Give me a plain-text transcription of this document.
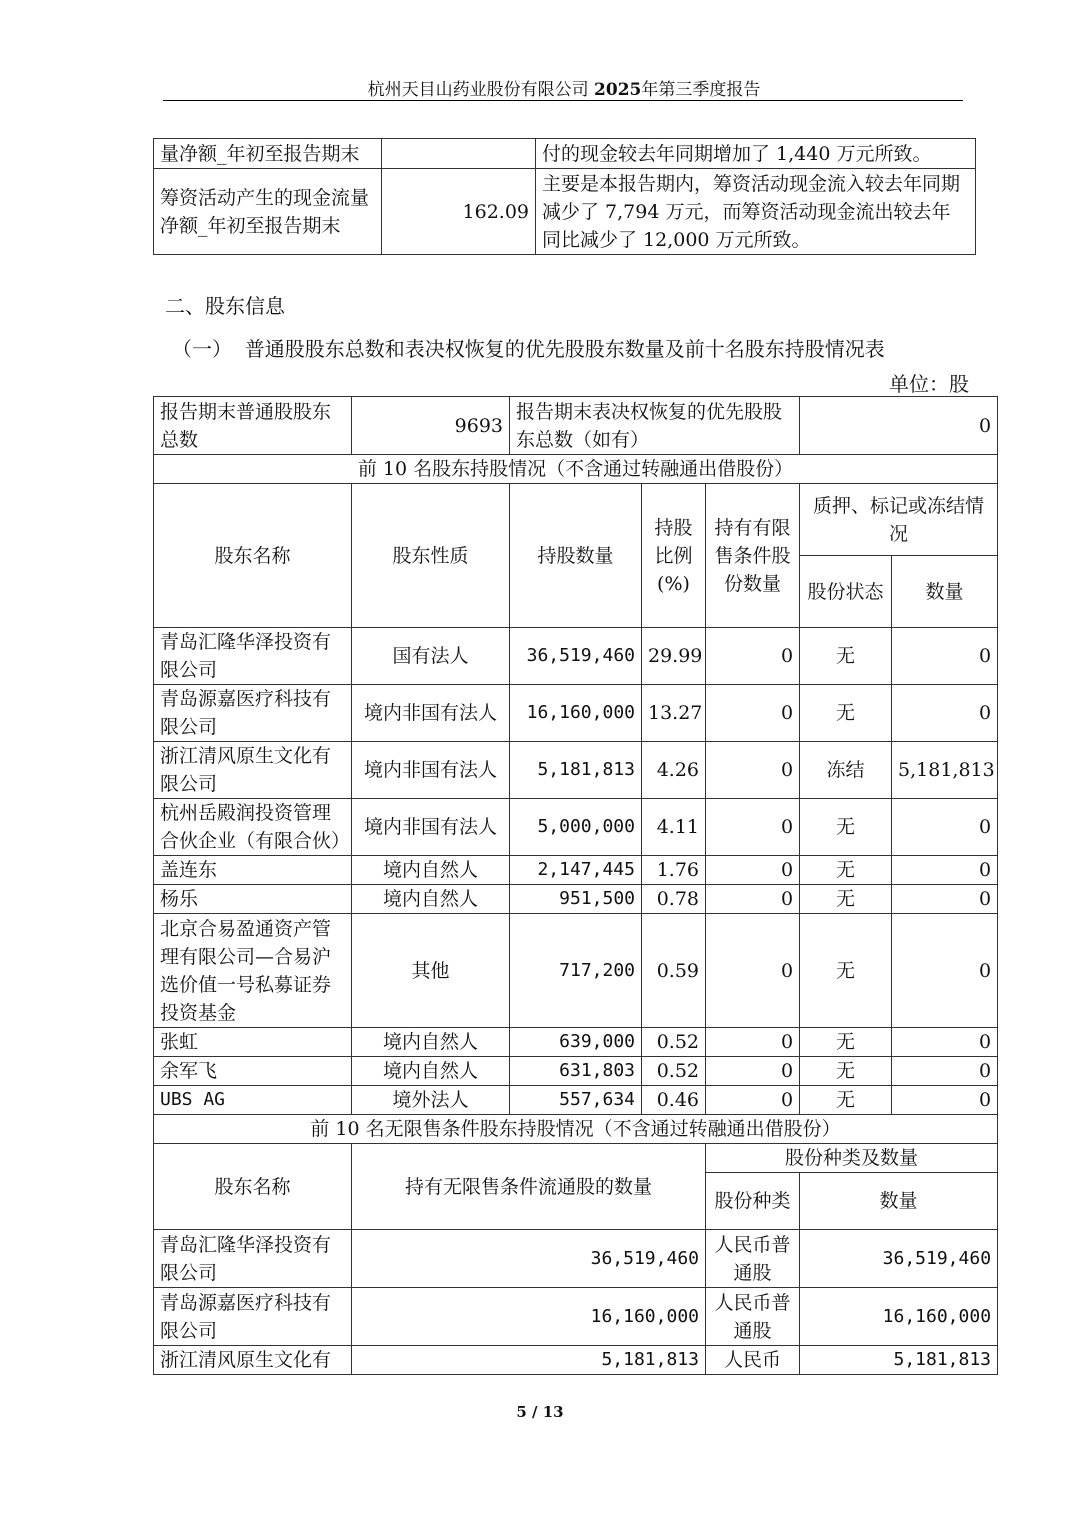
杭州天目山药业股份有限公司 2025年第三季度报告
量净额_年初至报告期末		付的现金较去年同期增加了 1,440 万元所致。
筹资活动产生的现金流量净额_年初至报告期末	162.09	主要是本报告期内，筹资活动现金流入较去年同期减少了 7,794 万元，而筹资活动现金流出较去年同比减少了 12,000 万元所致。
二、股东信息
（一） 普通股股东总数和表决权恢复的优先股股东数量及前十名股东持股情况表
单位：股
报告期末普通股股东总数	9693	报告期末表决权恢复的优先股股东总数（如有）			0	
前 10 名股东持股情况（不含通过转融通出借股份）						
股东名称	股东性质	持股数量	持股比例(%)	持有有限售条件股份数量	质押、标记或冻结情况	
					股份状态	数量
青岛汇隆华泽投资有限公司	国有法人	36,519,460	29.99	0	无	0
青岛源嘉医疗科技有限公司	境内非国有法人	16,160,000	13.27	0	无	0
浙江清风原生文化有限公司	境内非国有法人	5,181,813	4.26	0	冻结	5,181,813
杭州岳殿润投资管理合伙企业（有限合伙）	境内非国有法人	5,000,000	4.11	0	无	0
盖连东	境内自然人	2,147,445	1.76	0	无	0
杨乐	境内自然人	951,500	0.78	0	无	0
北京合易盈通资产管理有限公司—合易沪选价值一号私募证券投资基金	其他	717,200	0.59	0	无	0
张虹	境内自然人	639,000	0.52	0	无	0
余军飞	境内自然人	631,803	0.52	0	无	0
UBS AG	境外法人	557,634	0.46	0	无	0
前 10 名无限售条件股东持股情况（不含通过转融通出借股份）						
股东名称	持有无限售条件流通股的数量			股份种类及数量		
				股份种类	数量	
青岛汇隆华泽投资有限公司	36,519,460			人民币普通股	36,519,460	
青岛源嘉医疗科技有限公司	16,160,000			人民币普通股	16,160,000	
浙江清风原生文化有	5,181,813			人民币	5,181,813	
5 / 13
